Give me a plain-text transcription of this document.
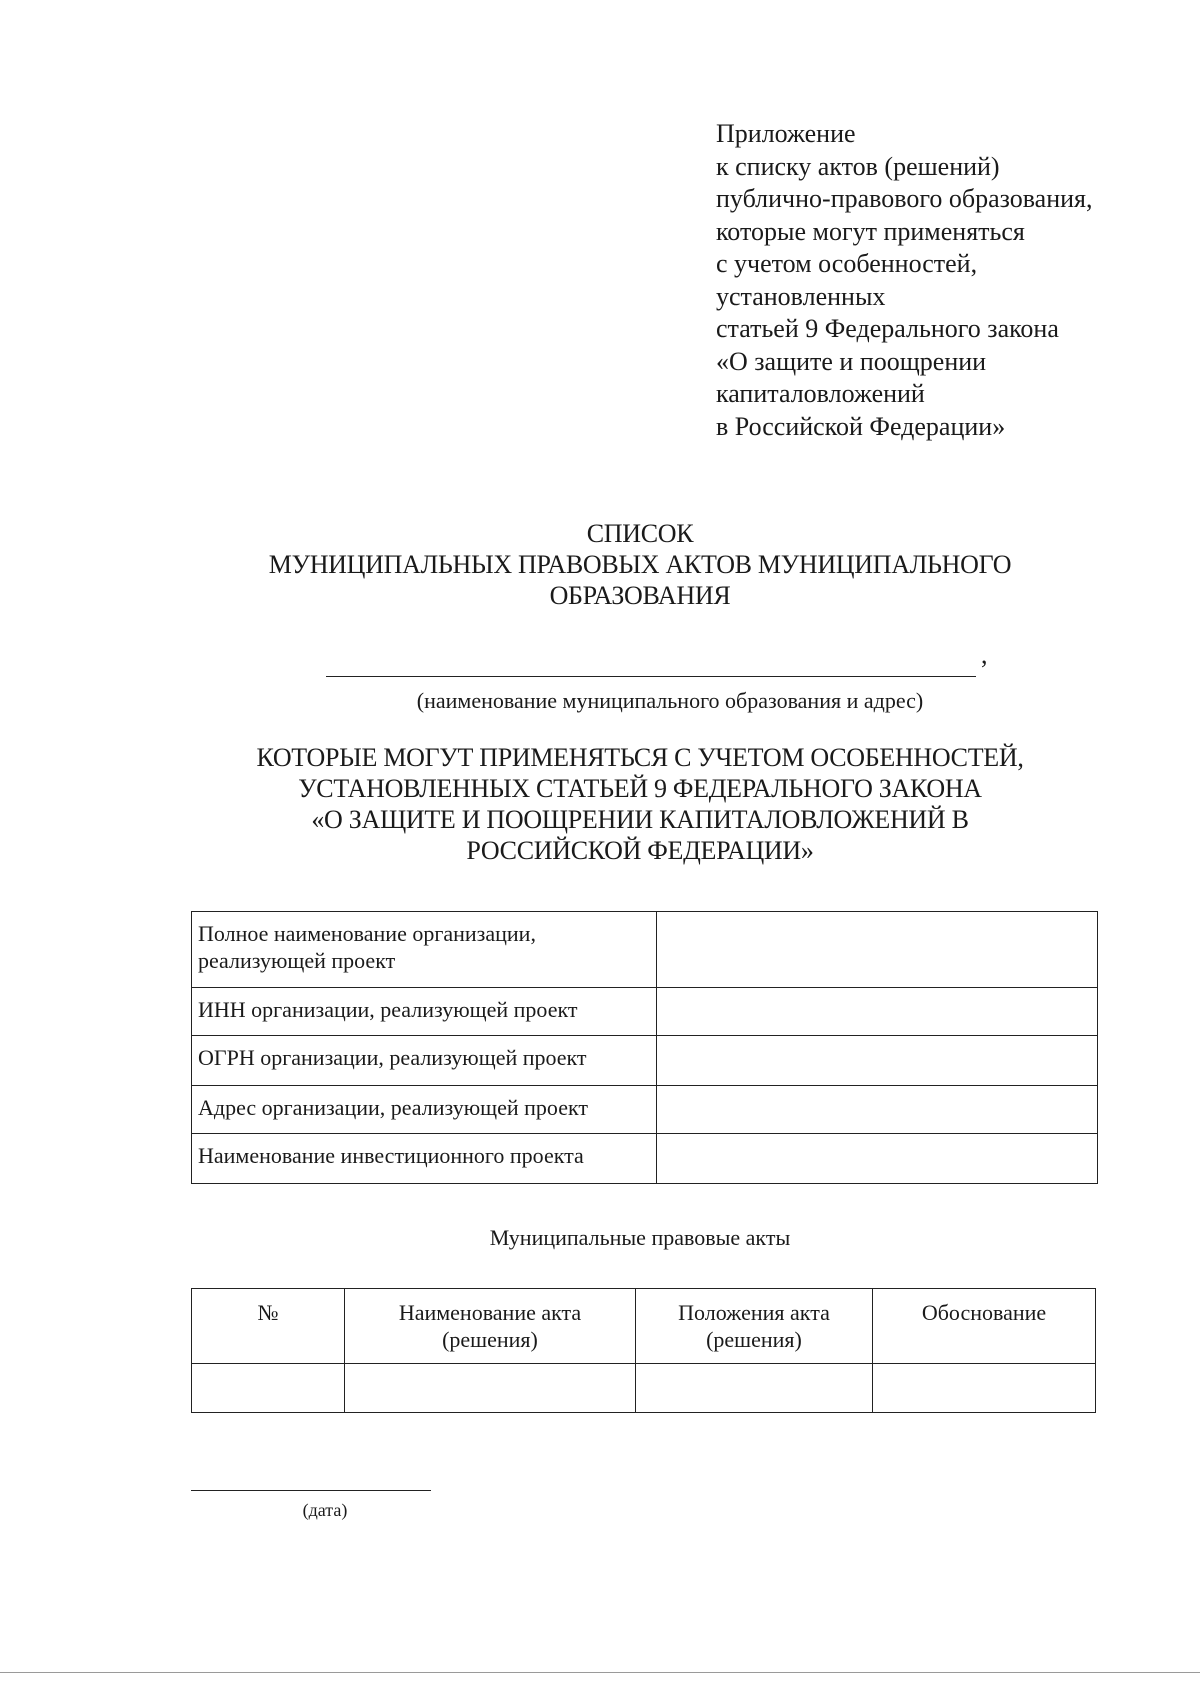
Приложение
к списку актов (решений)
публично-правового образования,
которые могут применяться
с учетом особенностей,
установленных
статьей 9 Федерального закона
«О защите и поощрении
капиталовложений
в Российской Федерации»
СПИСОК
МУНИЦИПАЛЬНЫХ ПРАВОВЫХ АКТОВ МУНИЦИПАЛЬНОГО
ОБРАЗОВАНИЯ
,
(наименование муниципального образования и адрес)
КОТОРЫЕ МОГУТ ПРИМЕНЯТЬСЯ С УЧЕТОМ ОСОБЕННОСТЕЙ,
УСТАНОВЛЕННЫХ СТАТЬЕЙ 9 ФЕДЕРАЛЬНОГО ЗАКОНА
«О ЗАЩИТЕ И ПООЩРЕНИИ КАПИТАЛОВЛОЖЕНИЙ В
РОССИЙСКОЙ ФЕДЕРАЦИИ»
Полное наименование организации, реализующей проект	
ИНН организации, реализующей проект	
ОГРН организации, реализующей проект	
Адрес организации, реализующей проект	
Наименование инвестиционного проекта	
Муниципальные правовые акты
№	Наименование акта (решения)	Положения акта (решения)	Обоснование

(дата)
